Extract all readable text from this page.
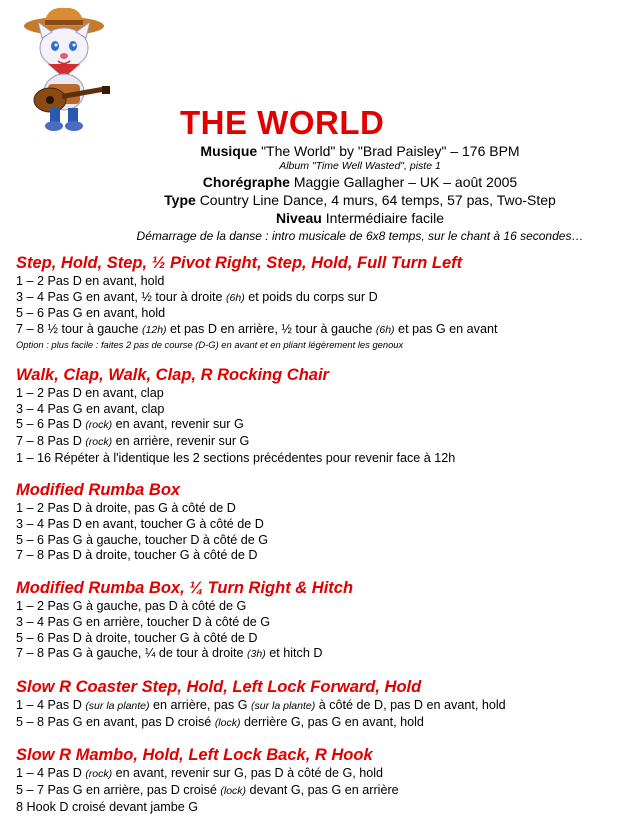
THE WORLD
Musique "The World" by "Brad Paisley" – 176 BPM
Album "Time Well Wasted", piste 1
Chorégraphe Maggie Gallagher – UK – août 2005
Type Country Line Dance, 4 murs, 64 temps, 57 pas, Two-Step
Niveau Intermédiaire facile
Démarrage de la danse : intro musicale de 6x8 temps, sur le chant à 16 secondes…
Step, Hold, Step, ½ Pivot Right, Step, Hold, Full Turn Left
1 – 2 Pas D en avant, hold
3 – 4 Pas G en avant, ½ tour à droite (6h) et poids du corps sur D
5 – 6 Pas G en avant, hold
7 – 8 ½ tour à gauche (12h) et pas D en arrière, ½ tour à gauche (6h) et pas G en avant
Option : plus facile : faites 2 pas de course (D-G) en avant et en pliant légèrement les genoux
Walk, Clap, Walk, Clap, R Rocking Chair
1 – 2 Pas D en avant, clap
3 – 4 Pas G en avant, clap
5 – 6 Pas D (rock) en avant, revenir sur G
7 – 8 Pas D (rock) en arrière, revenir sur G
1 – 16 Répéter à l'identique les 2 sections précédentes pour revenir face à 12h
Modified Rumba Box
1 – 2 Pas D à droite, pas G à côté de D
3 – 4 Pas D en avant, toucher G à côté de D
5 – 6 Pas G à gauche, toucher D à côté de G
7 – 8 Pas D à droite, toucher G à côté de D
Modified Rumba Box, ¼ Turn Right & Hitch
1 – 2 Pas G à gauche, pas D à côté de G
3 – 4 Pas G en arrière, toucher D à côté de G
5 – 6 Pas D à droite, toucher G à côté de D
7 – 8 Pas G à gauche, ¼ de tour à droite (3h) et hitch D
Slow R Coaster Step, Hold, Left Lock Forward, Hold
1 – 4 Pas D (sur la plante) en arrière, pas G (sur la plante) à côté de D, pas D en avant, hold
5 – 8 Pas G en avant, pas D croisé (lock) derrière G, pas G en avant, hold
Slow R Mambo, Hold, Left Lock Back, R Hook
1 – 4 Pas D (rock) en avant, revenir sur G, pas D à côté de G, hold
5 – 7 Pas G en arrière, pas D croisé (lock) devant G, pas G en arrière
8 Hook D croisé devant jambe G
